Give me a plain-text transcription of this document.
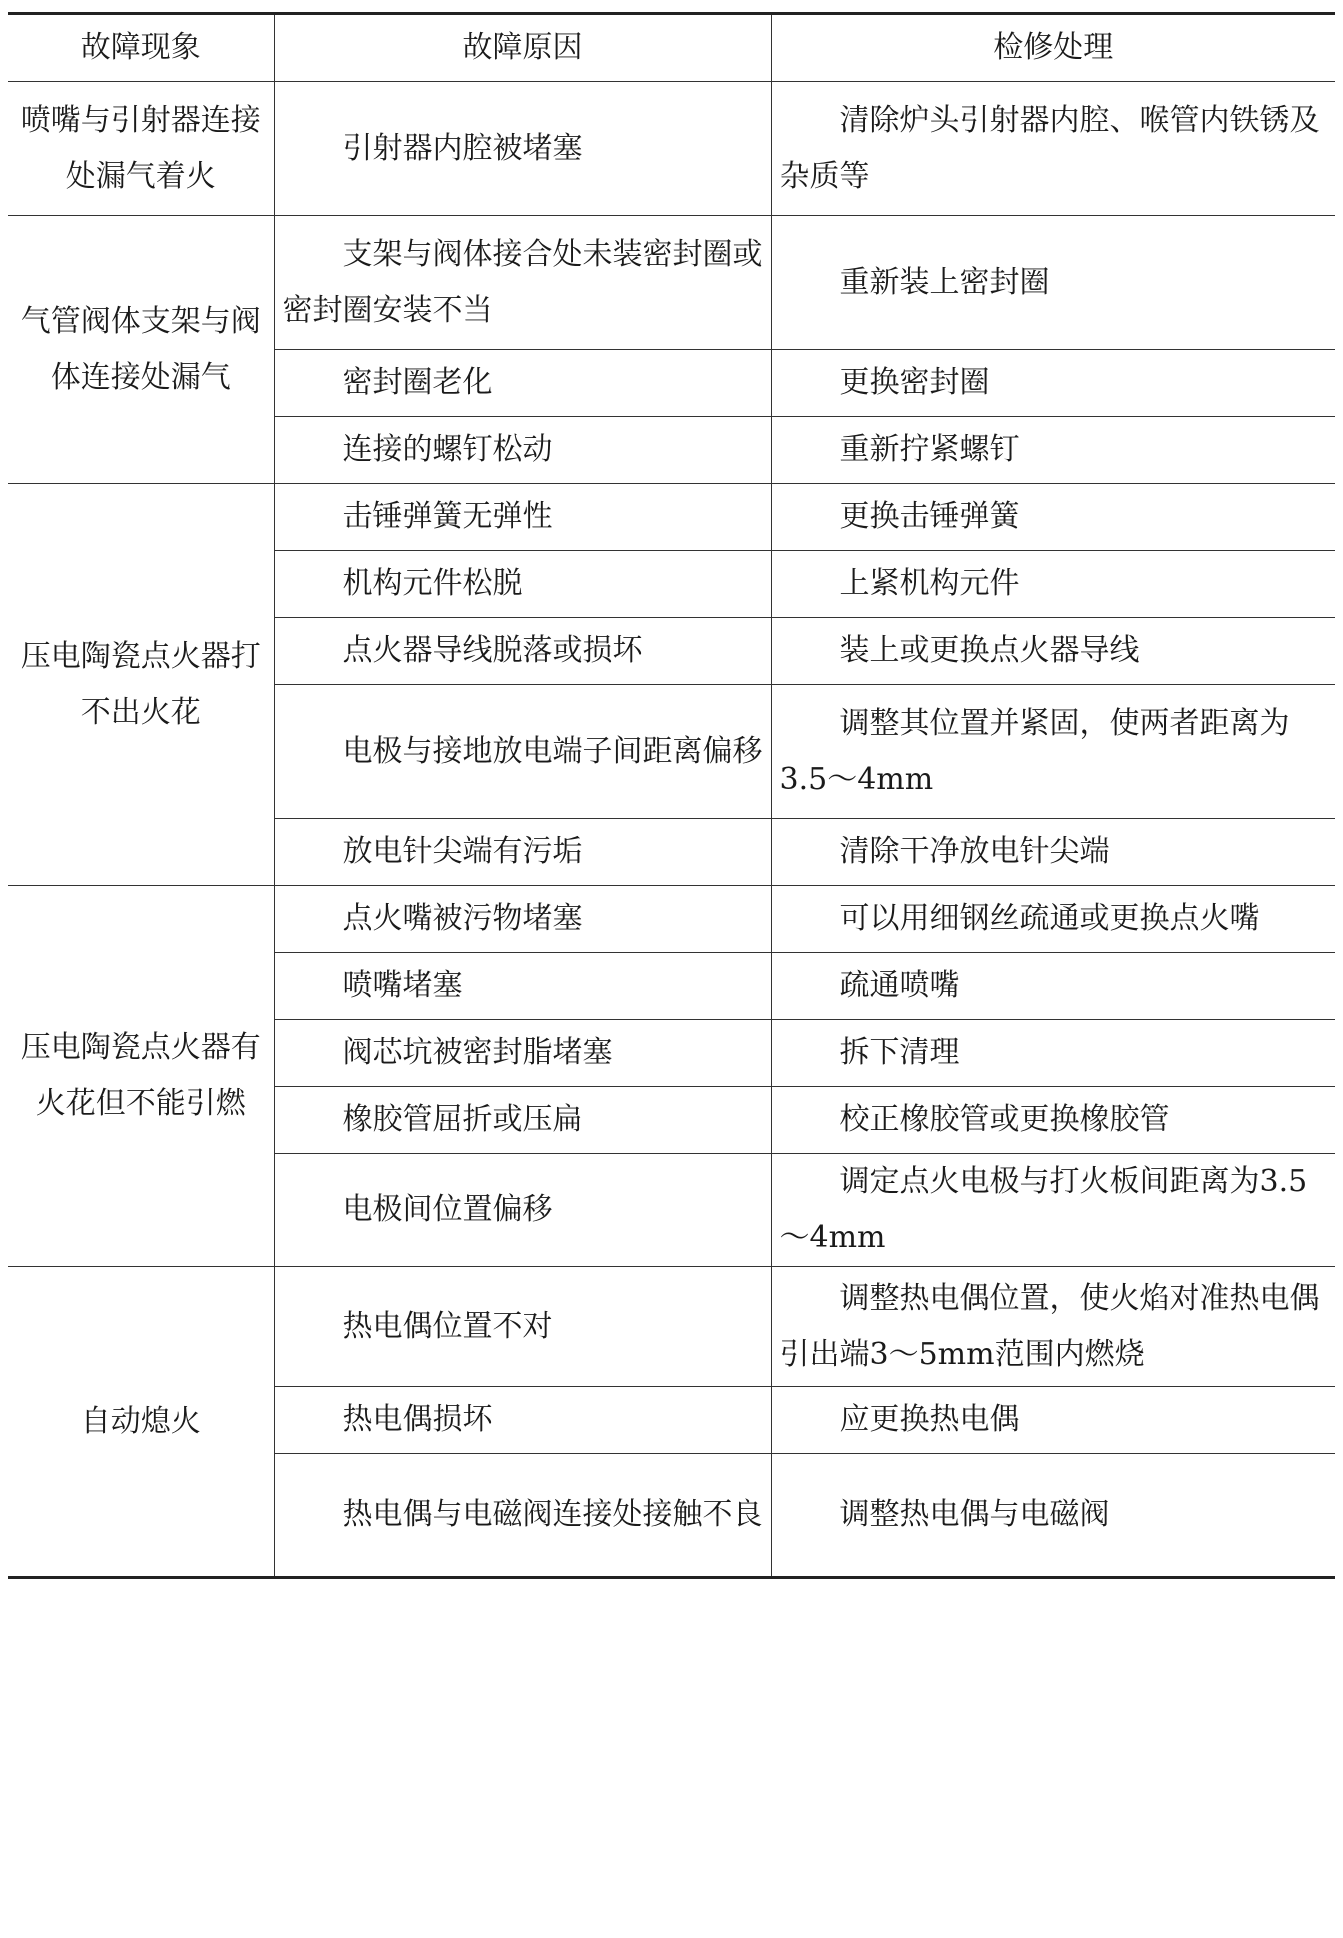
故障现象	故障原因	检修处理
喷嘴与引射器连接处漏气着火	引射器内腔被堵塞	清除炉头引射器内腔、喉管内铁锈及杂质等
气管阀体支架与阀体连接处漏气	支架与阀体接合处未装密封圈或密封圈安装不当	重新装上密封圈
	密封圈老化	更换密封圈
	连接的螺钉松动	重新拧紧螺钉
压电陶瓷点火器打不出火花	击锤弹簧无弹性	更换击锤弹簧
	机构元件松脱	上紧机构元件
	点火器导线脱落或损坏	装上或更换点火器导线
	电极与接地放电端子间距离偏移	调整其位置并紧固，使两者距离为3.5～4mm
	放电针尖端有污垢	清除干净放电针尖端
压电陶瓷点火器有火花但不能引燃	点火嘴被污物堵塞	可以用细钢丝疏通或更换点火嘴
	喷嘴堵塞	疏通喷嘴
	阀芯坑被密封脂堵塞	拆下清理
	橡胶管屈折或压扁	校正橡胶管或更换橡胶管
	电极间位置偏移	调定点火电极与打火板间距离为3.5～4mm
自动熄火	热电偶位置不对	调整热电偶位置，使火焰对准热电偶引出端3～5mm范围内燃烧
	热电偶损坏	应更换热电偶
	热电偶与电磁阀连接处接触不良	调整热电偶与电磁阀
